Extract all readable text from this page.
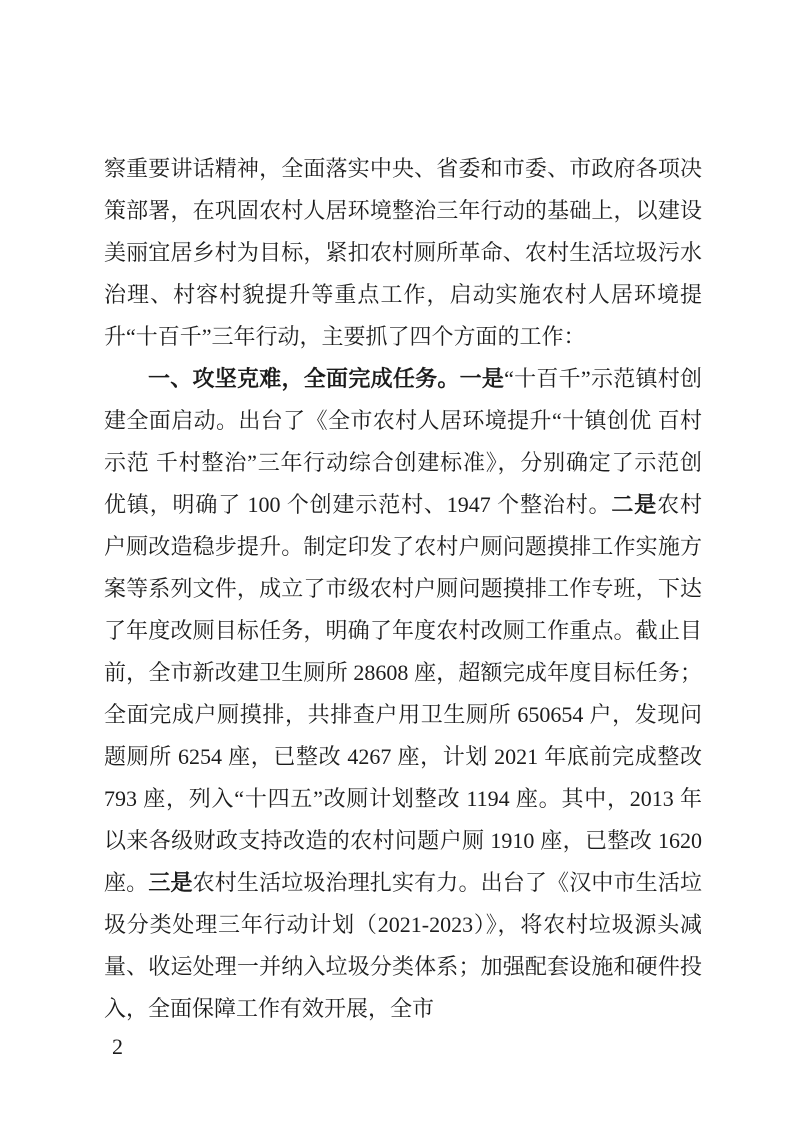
察重要讲话精神，全面落实中央、省委和市委、市政府各项决策部署，在巩固农村人居环境整治三年行动的基础上，以建设美丽宜居乡村为目标，紧扣农村厕所革命、农村生活垃圾污水治理、村容村貌提升等重点工作，启动实施农村人居环境提升“十百千”三年行动，主要抓了四个方面的工作：

一、攻坚克难，全面完成任务。一是“十百千”示范镇村创建全面启动。出台了《全市农村人居环境提升“十镇创优 百村示范 千村整治”三年行动综合创建标准》，分别确定了示范创优镇，明确了 100 个创建示范村、1947 个整治村。二是农村户厕改造稳步提升。制定印发了农村户厕问题摸排工作实施方案等系列文件，成立了市级农村户厕问题摸排工作专班，下达了年度改厕目标任务，明确了年度农村改厕工作重点。截止目前，全市新改建卫生厕所 28608 座，超额完成年度目标任务；全面完成户厕摸排，共排查户用卫生厕所 650654 户，发现问题厕所 6254 座，已整改 4267 座，计划 2021 年底前完成整改 793 座，列入“十四五”改厕计划整改 1194 座。其中，2013 年以来各级财政支持改造的农村问题户厕 1910 座，已整改 1620 座。三是农村生活垃圾治理扎实有力。出台了《汉中市生活垃圾分类处理三年行动计划（2021-2023）》，将农村垃圾源头减量、收运处理一并纳入垃圾分类体系；加强配套设施和硬件投入，全面保障工作有效开展，全市

2
